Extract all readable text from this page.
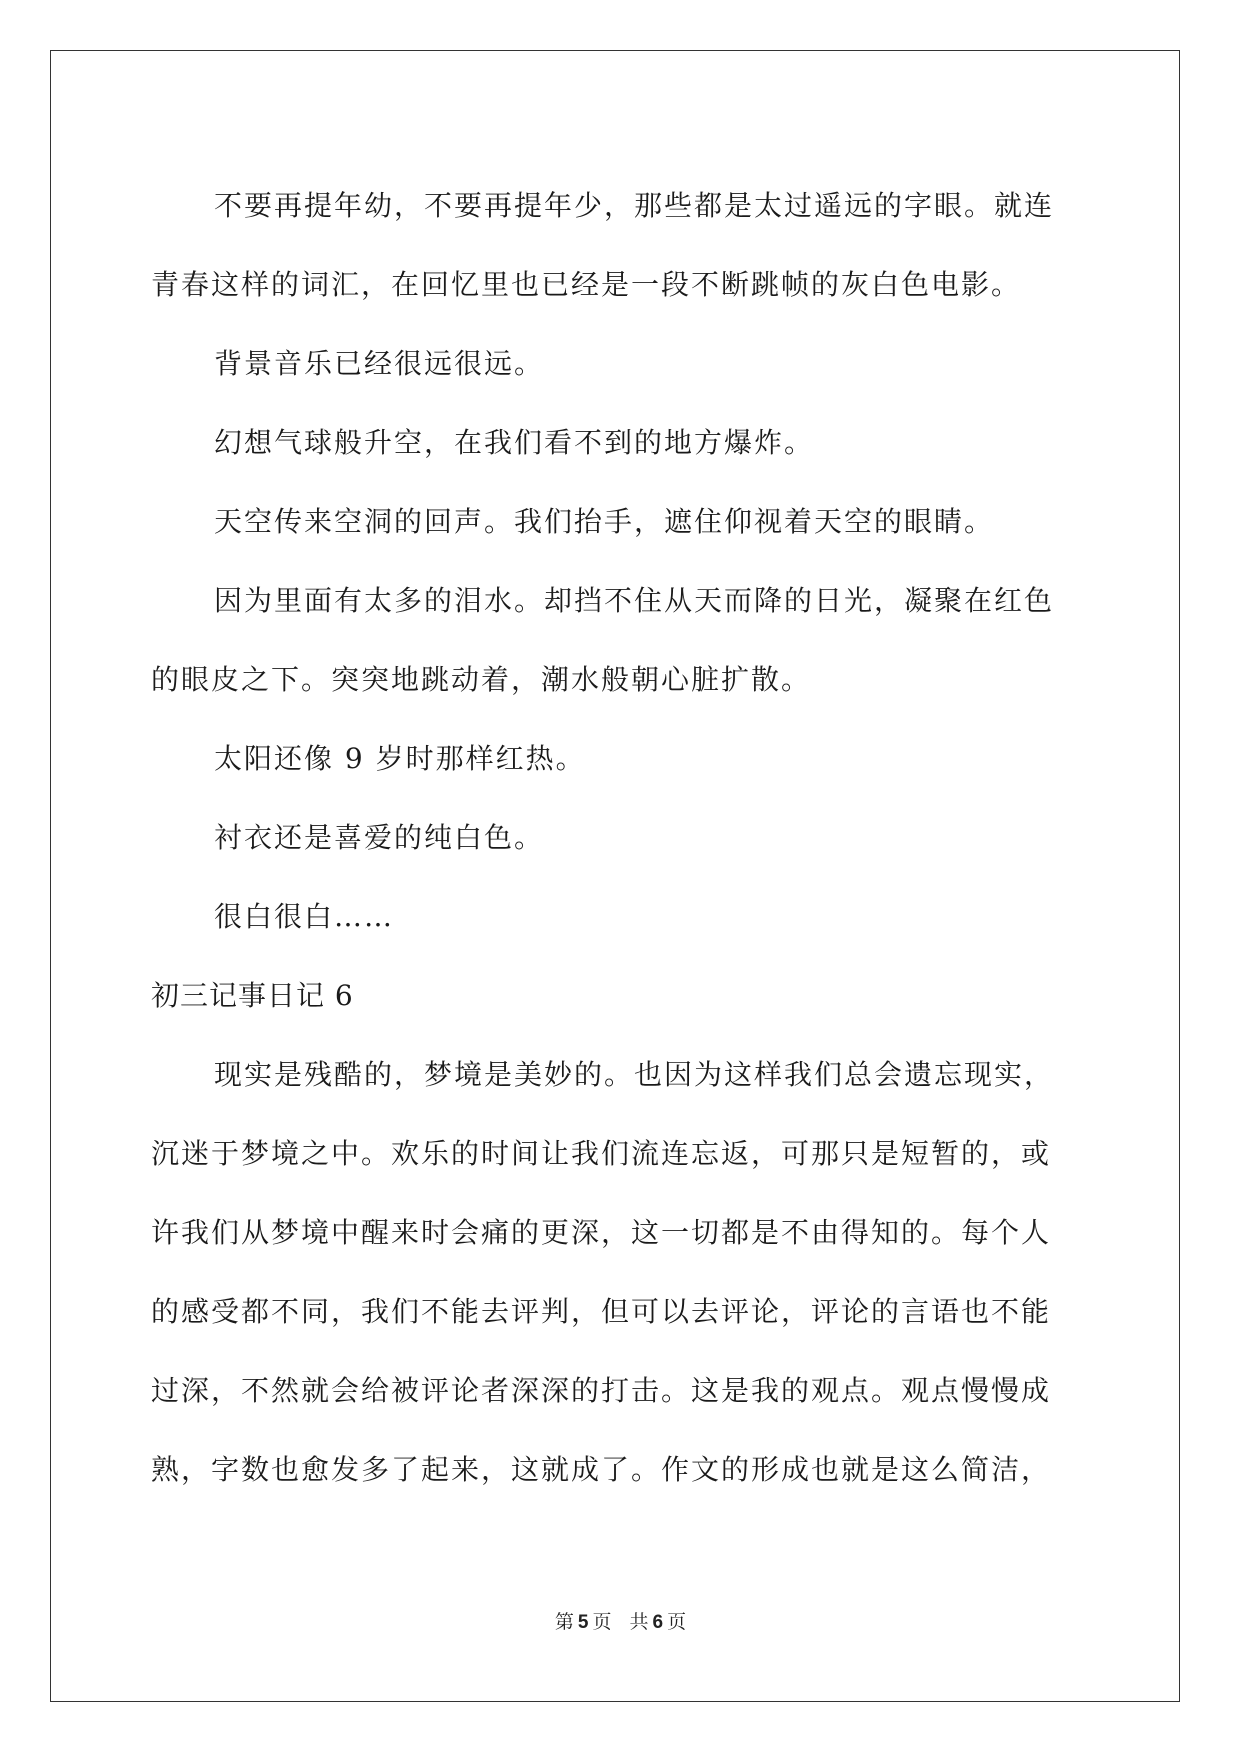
不要再提年幼，不要再提年少，那些都是太过遥远的字眼。就连
青春这样的词汇，在回忆里也已经是一段不断跳帧的灰白色电影。

背景音乐已经很远很远。

幻想气球般升空，在我们看不到的地方爆炸。

天空传来空洞的回声。我们抬手，遮住仰视着天空的眼睛。

因为里面有太多的泪水。却挡不住从天而降的日光，凝聚在红色
的眼皮之下。突突地跳动着，潮水般朝心脏扩散。

太阳还像 9 岁时那样红热。

衬衣还是喜爱的纯白色。

很白很白……

初三记事日记 6

现实是残酷的，梦境是美妙的。也因为这样我们总会遗忘现实，
沉迷于梦境之中。欢乐的时间让我们流连忘返，可那只是短暂的，或
许我们从梦境中醒来时会痛的更深，这一切都是不由得知的。每个人
的感受都不同，我们不能去评判，但可以去评论，评论的言语也不能
过深，不然就会给被评论者深深的打击。这是我的观点。观点慢慢成
熟，字数也愈发多了起来，这就成了。作文的形成也就是这么简洁，

第 5 页 共 6 页
